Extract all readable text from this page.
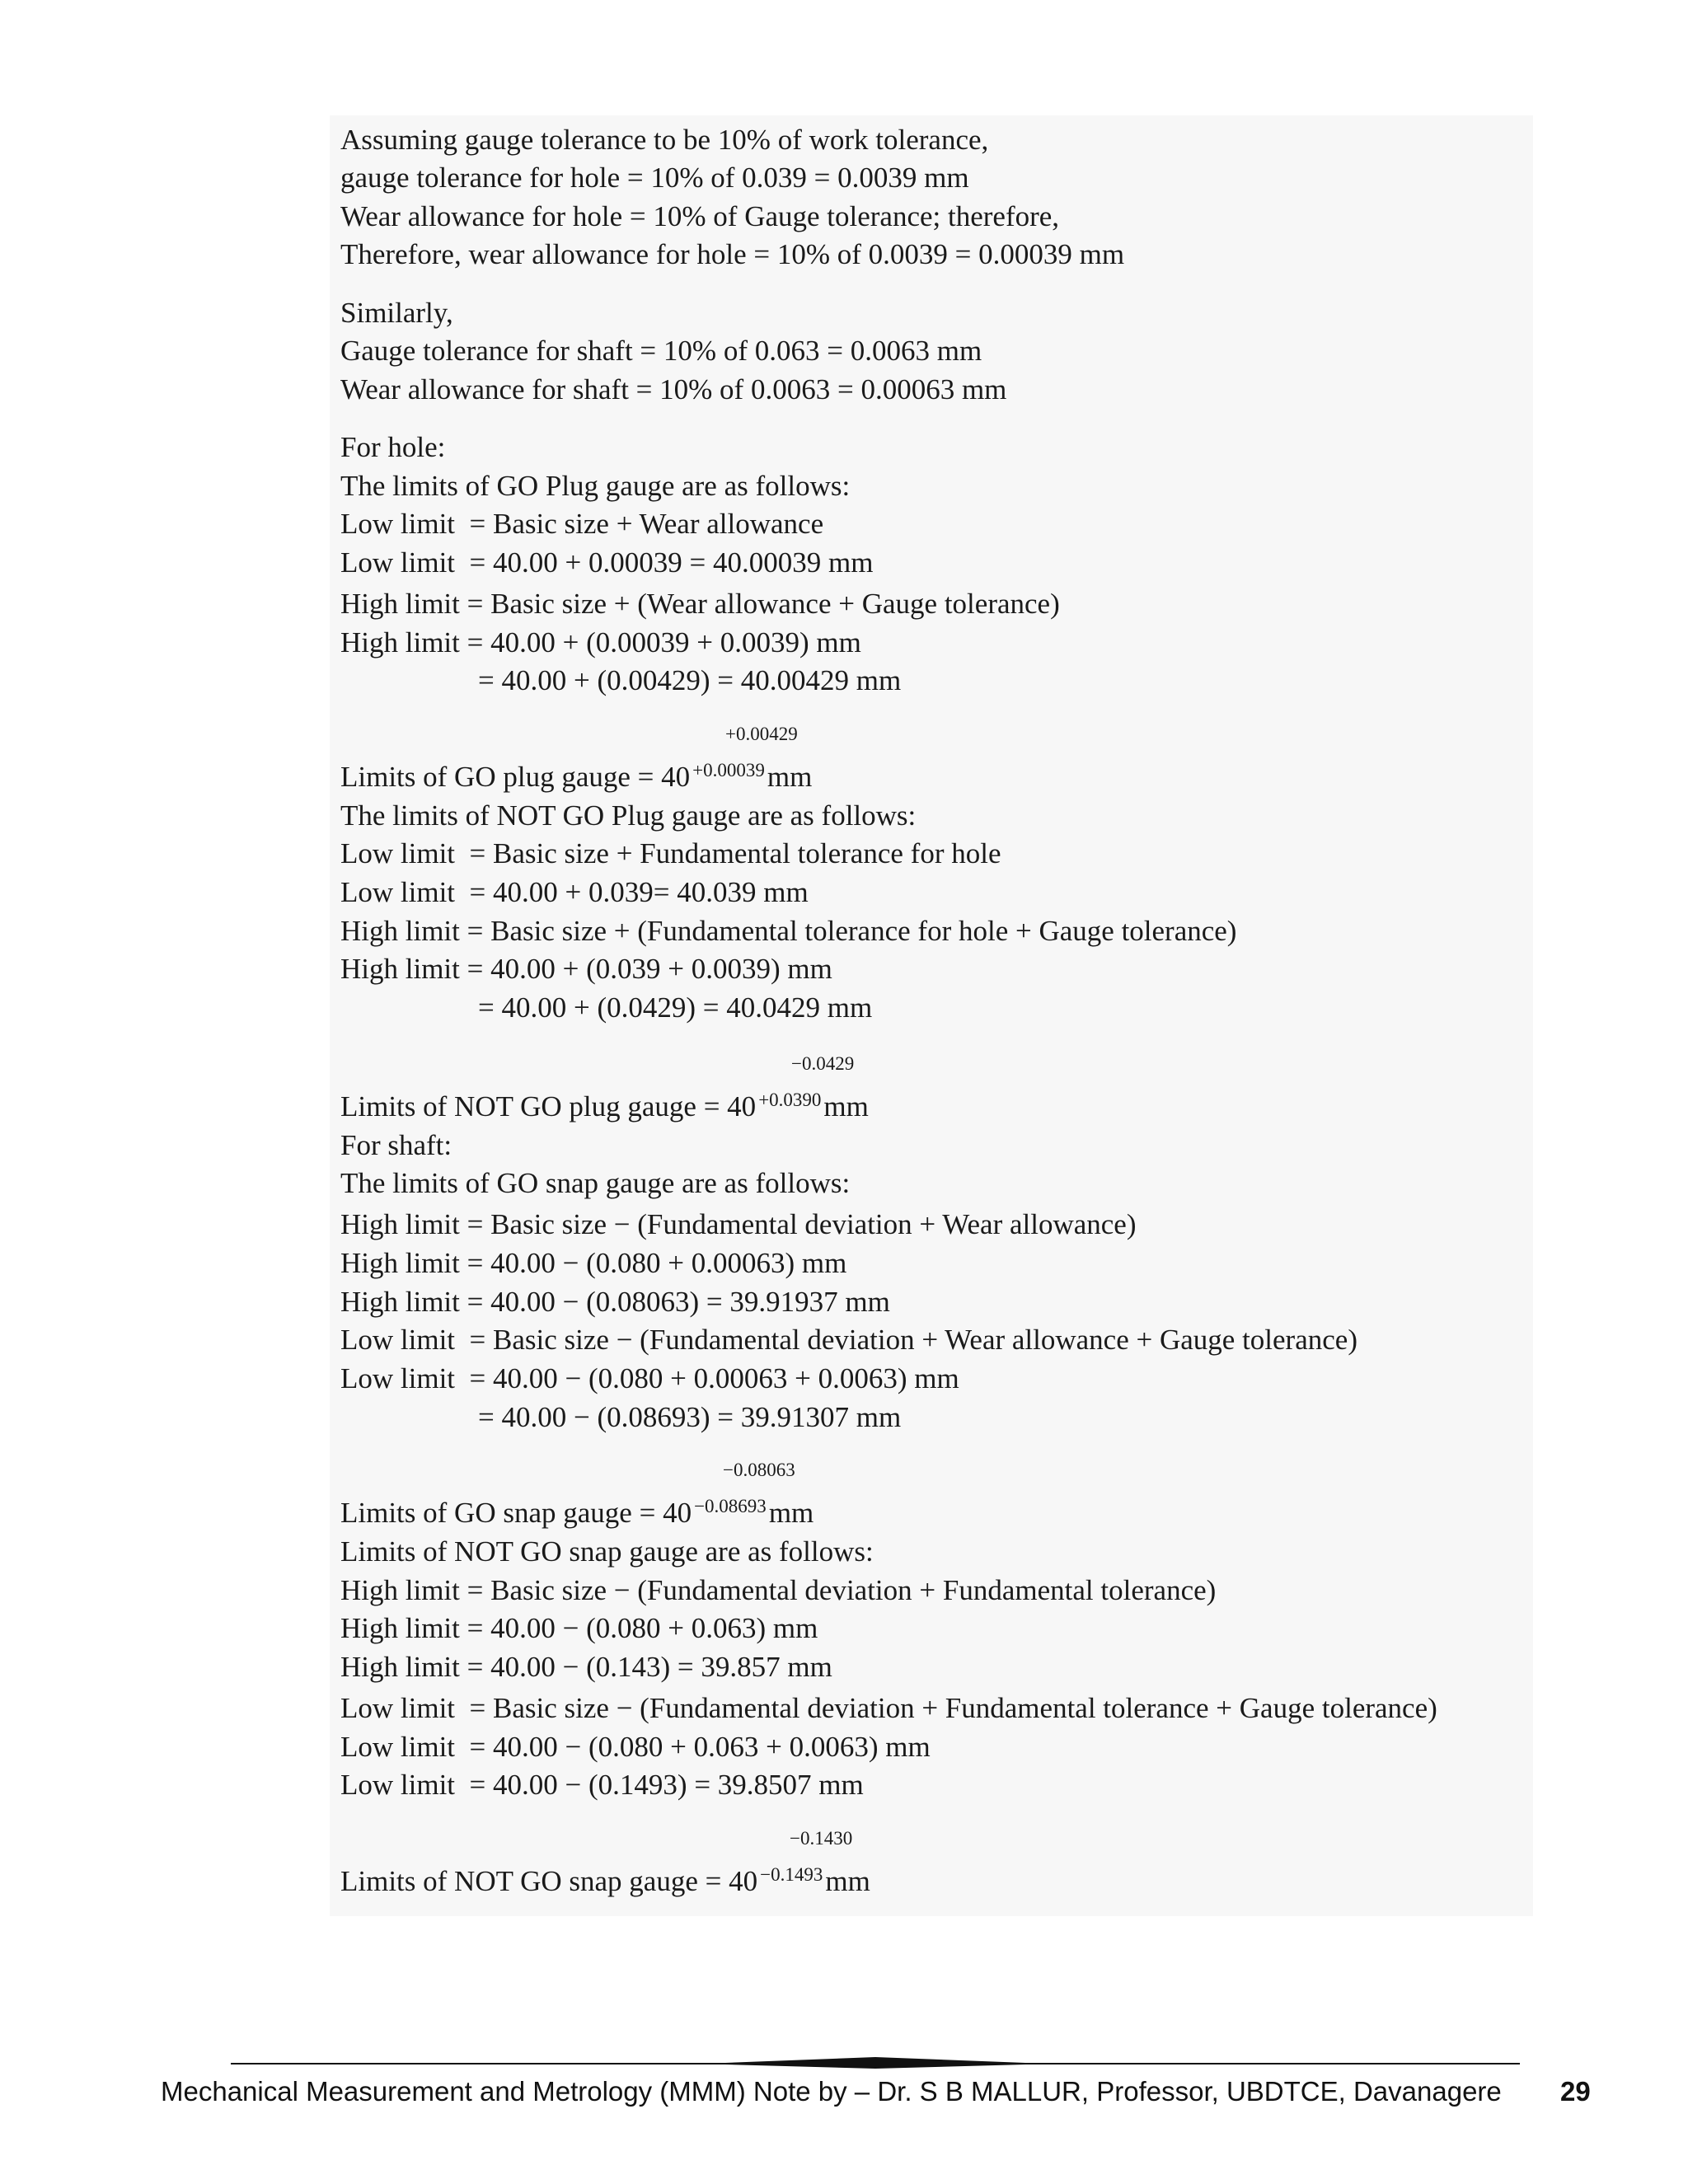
Assuming gauge tolerance to be 10% of work tolerance,

gauge tolerance for hole = 10% of 0.039 = 0.0039 mm

Wear allowance for hole = 10% of Gauge tolerance; therefore,

Therefore, wear allowance for hole = 10% of 0.0039 = 0.00039 mm

Similarly,

Gauge tolerance for shaft = 10% of 0.063 = 0.0063 mm

Wear allowance for shaft = 10% of 0.0063 = 0.00063 mm

For hole:

The limits of GO Plug gauge are as follows:

Low limit  = Basic size + Wear allowance

Low limit  = 40.00 + 0.00039 = 40.00039 mm

High limit = Basic size + (Wear allowance + Gauge tolerance)

High limit = 40.00 + (0.00039 + 0.0039) mm

= 40.00 + (0.00429) = 40.00429 mm

+0.00429

Limits of GO plug gauge = 40 $^{+0.00039}$mm

The limits of NOT GO Plug gauge are as follows:

Low limit  = Basic size + Fundamental tolerance for hole

Low limit  = 40.00 + 0.039= 40.039 mm

High limit = Basic size + (Fundamental tolerance for hole + Gauge tolerance)

High limit = 40.00 + (0.039 + 0.0039) mm

= 40.00 + (0.0429) = 40.0429 mm

−0.0429

Limits of NOT GO plug gauge = 40 $^{+0.0390}$mm

For shaft:

The limits of GO snap gauge are as follows:

High limit = Basic size − (Fundamental deviation + Wear allowance)

High limit = 40.00 − (0.080 + 0.00063) mm

High limit = 40.00 − (0.08063) = 39.91937 mm

Low limit  = Basic size − (Fundamental deviation + Wear allowance + Gauge tolerance)

Low limit  = 40.00 − (0.080 + 0.00063 + 0.0063) mm

= 40.00 − (0.08693) = 39.91307 mm

−0.08063

Limits of GO snap gauge = 40 $^{-0.08693}$mm

Limits of NOT GO snap gauge are as follows:

High limit = Basic size − (Fundamental deviation + Fundamental tolerance)

High limit = 40.00 − (0.080 + 0.063) mm

High limit = 40.00 − (0.143) = 39.857 mm

Low limit  = Basic size − (Fundamental deviation + Fundamental tolerance + Gauge tolerance)

Low limit  = 40.00 − (0.080 + 0.063 + 0.0063) mm

Low limit  = 40.00 − (0.1493) = 39.8507 mm

−0.1430

Limits of NOT GO snap gauge = 40 $^{-0.1493}$mm

Mechanical Measurement and Metrology (MMM) Note by – Dr. S B MALLUR, Professor, UBDTCE, Davanagere 29
